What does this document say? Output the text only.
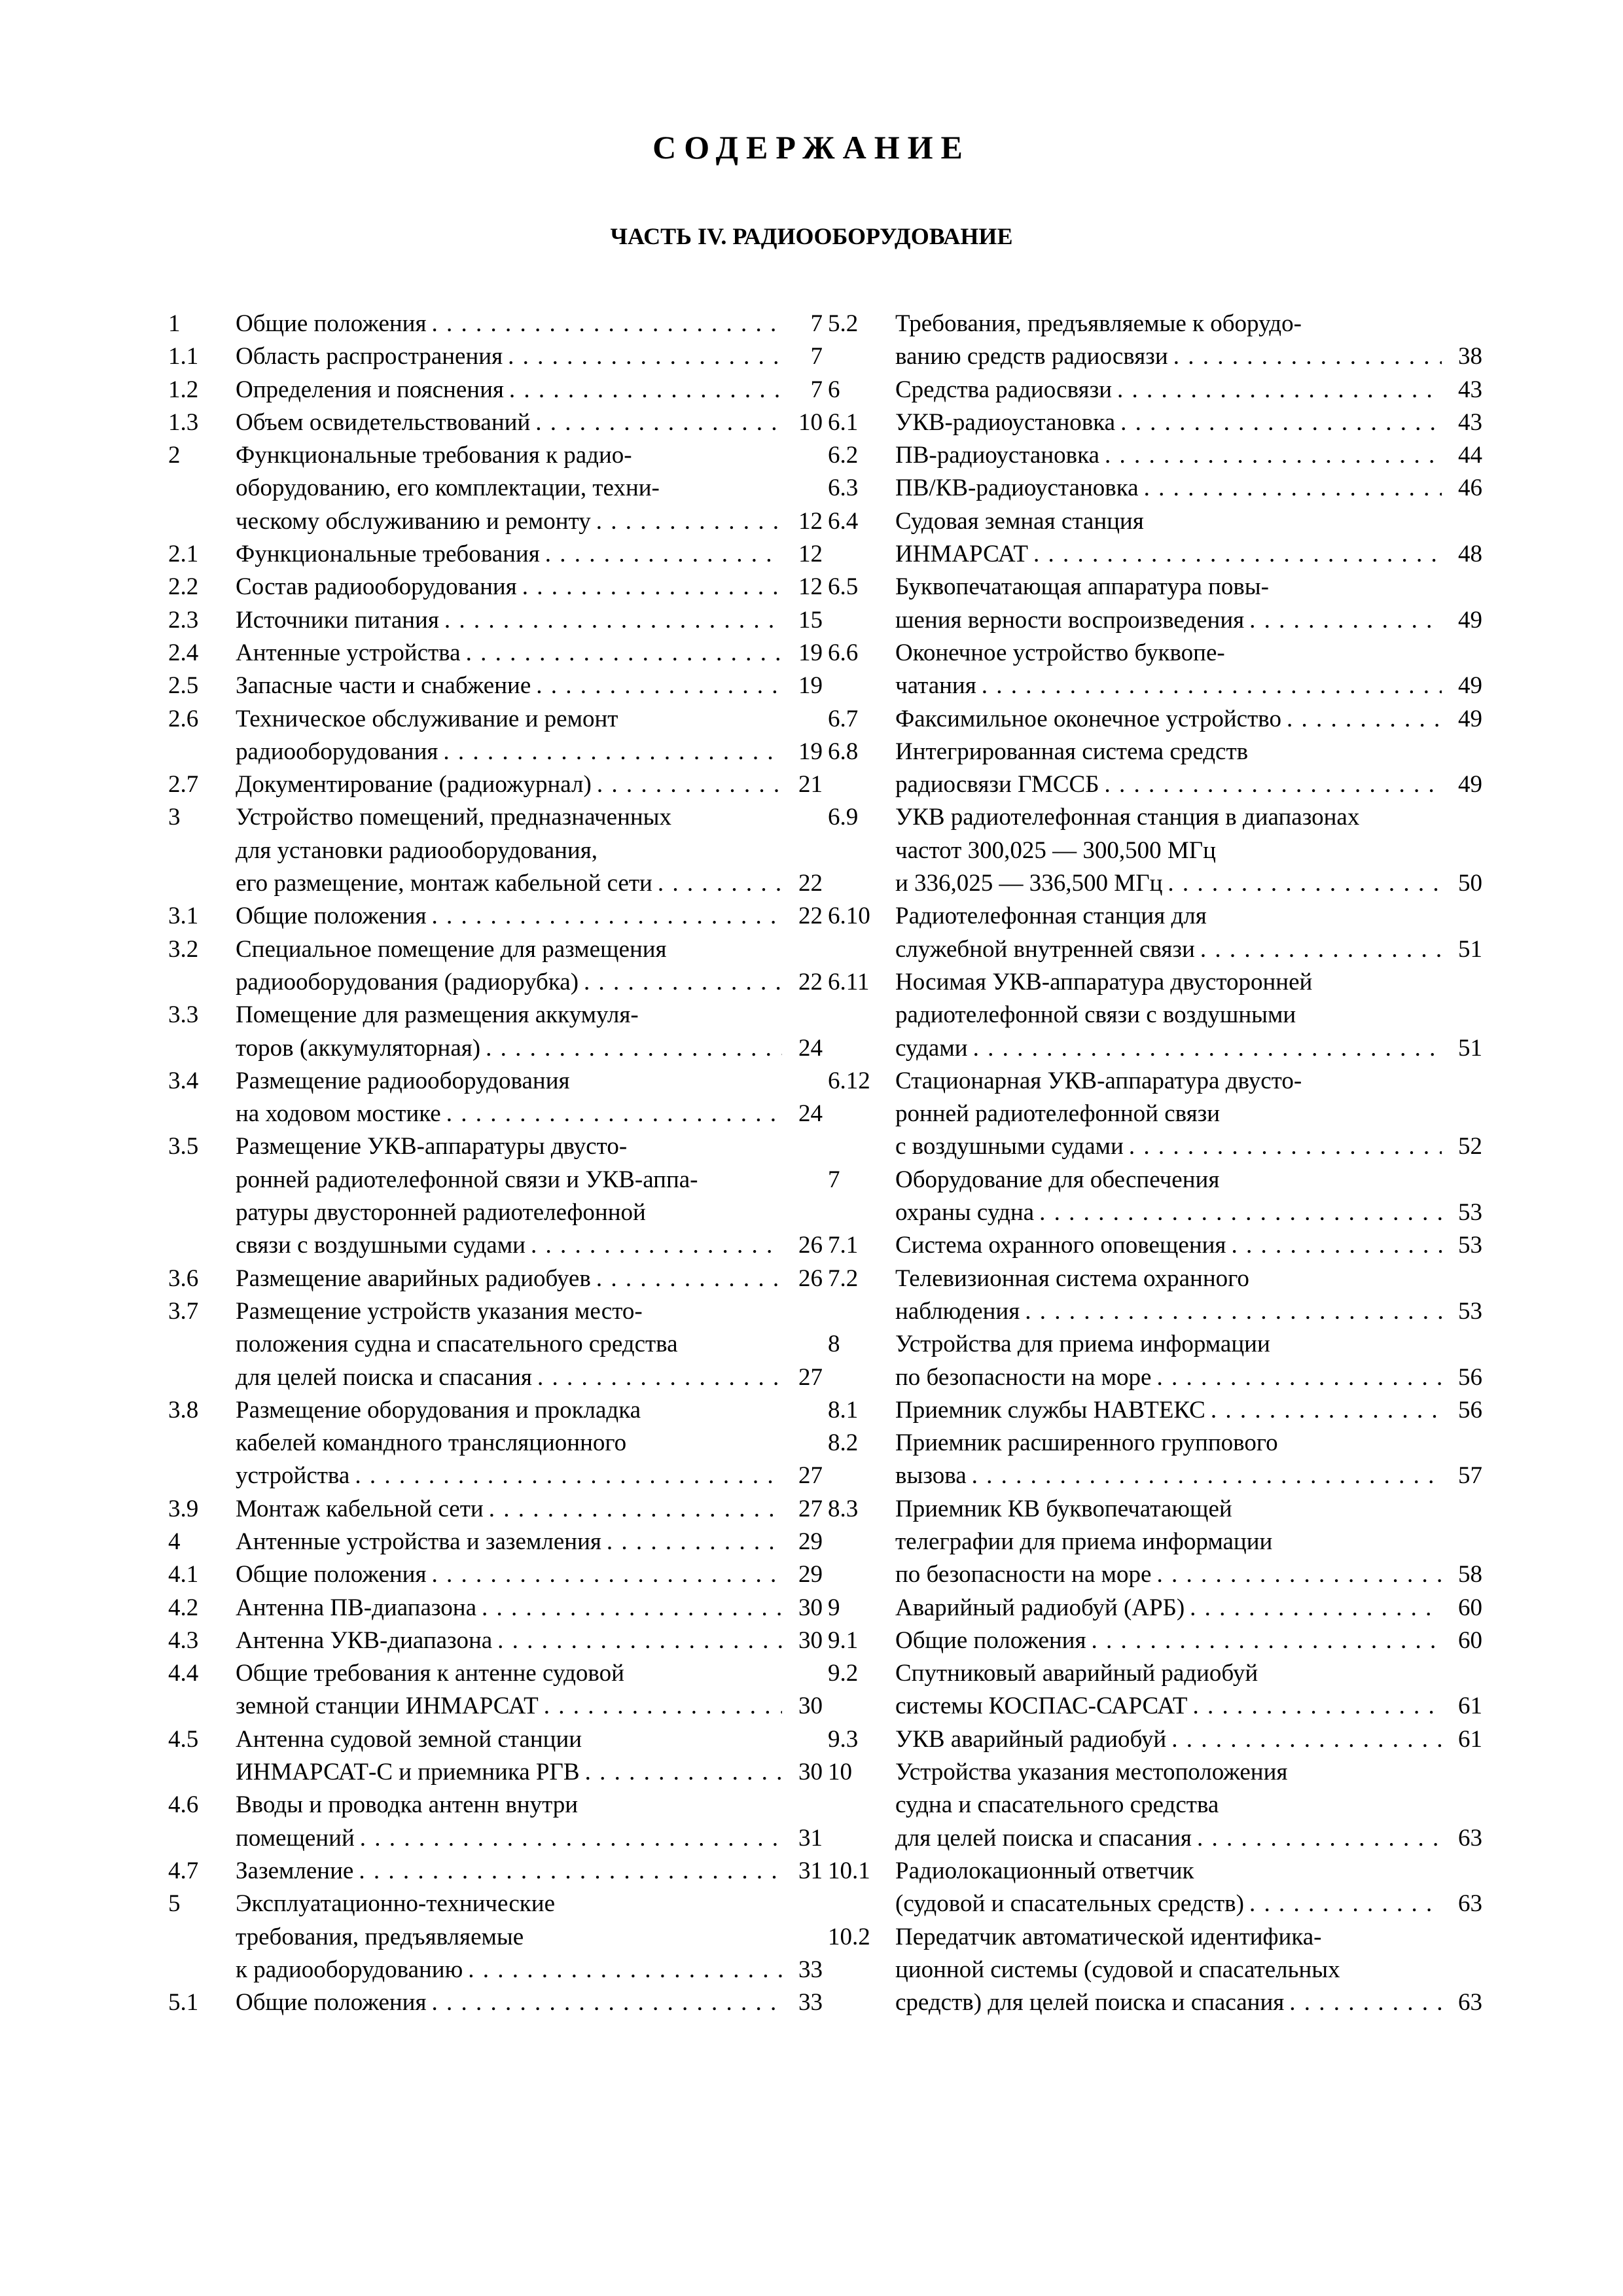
СОДЕРЖАНИЕ
ЧАСТЬ IV. РАДИООБОРУДОВАНИЕ
1 Общие положения . . .	7
1.1 Область распространения . . .	7
1.2 Определения и пояснения . . .	7
1.3 Объем освидетельствований . . .	10
2 Функциональные требования к радио-
оборудованию, его комплектации, техни-
ческому обслуживанию и ремонту . . .	12
2.1 Функциональные требования . . .	12
2.2 Состав радиооборудования . . .	12
2.3 Источники питания . . .	15
2.4 Антенные устройства . . .	19
2.5 Запасные части и снабжение . . .	19
2.6 Техническое обслуживание и ремонт
радиооборудования . . .	19
2.7 Документирование (радиожурнал) . . .	21
3 Устройство помещений, предназначенных
для установки радиооборудования,
его размещение, монтаж кабельной сети . . .	22
3.1 Общие положения . . .	22
3.2 Специальное помещение для размещения
радиооборудования (радиорубка) . . .	22
3.3 Помещение для размещения аккумуля-
торов (аккумуляторная) . . .	24
3.4 Размещение радиооборудования
на ходовом мостике . . .	24
3.5 Размещение УКВ-аппаратуры двусто-
ронней радиотелефонной связи и УКВ-аппа-
ратуры двусторонней радиотелефонной
связи с воздушными судами . . .	26
3.6 Размещение аварийных радиобуев . . .	26
3.7 Размещение устройств указания место-
положения судна и спасательного средства
для целей поиска и спасания . . .	27
3.8 Размещение оборудования и прокладка
кабелей командного трансляционного
устройства . . .	27
3.9 Монтаж кабельной сети . . .	27
4 Антенные устройства и заземления . . .	29
4.1 Общие положения . . .	29
4.2 Антенна ПВ-диапазона . . .	30
4.3 Антенна УКВ-диапазона . . .	30
4.4 Общие требования к антенне судовой
земной станции ИНМАРСАТ . . .	30
4.5 Антенна судовой земной станции
ИНМАРСАТ-С и приемника РГВ . . .	30
4.6 Вводы и проводка антенн внутри
помещений . . .	31
4.7 Заземление . . .	31
5 Эксплуатационно-технические
требования, предъявляемые
к радиооборудованию . . .	33
5.1 Общие положения . . .	33
5.2 Требования, предъявляемые к оборудо-
ванию средств радиосвязи . . .	38
6 Средства радиосвязи . . .	43
6.1 УКВ-радиоустановка . . .	43
6.2 ПВ-радиоустановка . . .	44
6.3 ПВ/КВ-радиоустановка . . .	46
6.4 Судовая земная станция
ИНМАРСАТ . . .	48
6.5 Буквопечатающая аппаратура повы-
шения верности воспроизведения . . .	49
6.6 Оконечное устройство буквопе-
чатания . . .	49
6.7 Факсимильное оконечное устройство . . .	49
6.8 Интегрированная система средств
радиосвязи ГМССБ . . .	49
6.9 УКВ радиотелефонная станция в диапазонах
частот 300,025 — 300,500 МГц
и 336,025 — 336,500 МГц . . .	50
6.10 Радиотелефонная станция для
служебной внутренней связи . . .	51
6.11 Носимая УКВ-аппаратура двусторонней
радиотелефонной связи с воздушными
судами . . .	51
6.12 Стационарная УКВ-аппаратура двусто-
ронней радиотелефонной связи
с воздушными судами . . .	52
7 Оборудование для обеспечения
охраны судна . . .	53
7.1 Система охранного оповещения . . .	53
7.2 Телевизионная система охранного
наблюдения . . .	53
8 Устройства для приема информации
по безопасности на море . . .	56
8.1 Приемник службы НАВТЕКС . . .	56
8.2 Приемник расширенного группового
вызова . . .	57
8.3 Приемник КВ буквопечатающей
телеграфии для приема информации
по безопасности на море . . .	58
9 Аварийный радиобуй (АРБ) . . .	60
9.1 Общие положения . . .	60
9.2 Спутниковый аварийный радиобуй
системы КОСПАС-САРСАТ . . .	61
9.3 УКВ аварийный радиобуй . . .	61
10 Устройства указания местоположения
судна и спасательного средства
для целей поиска и спасания . . .	63
10.1 Радиолокационный ответчик
(судовой и спасательных средств) . . .	63
10.2 Передатчик автоматической идентифика-
ционной системы (судовой и спасательных
средств) для целей поиска и спасания . . .	63
